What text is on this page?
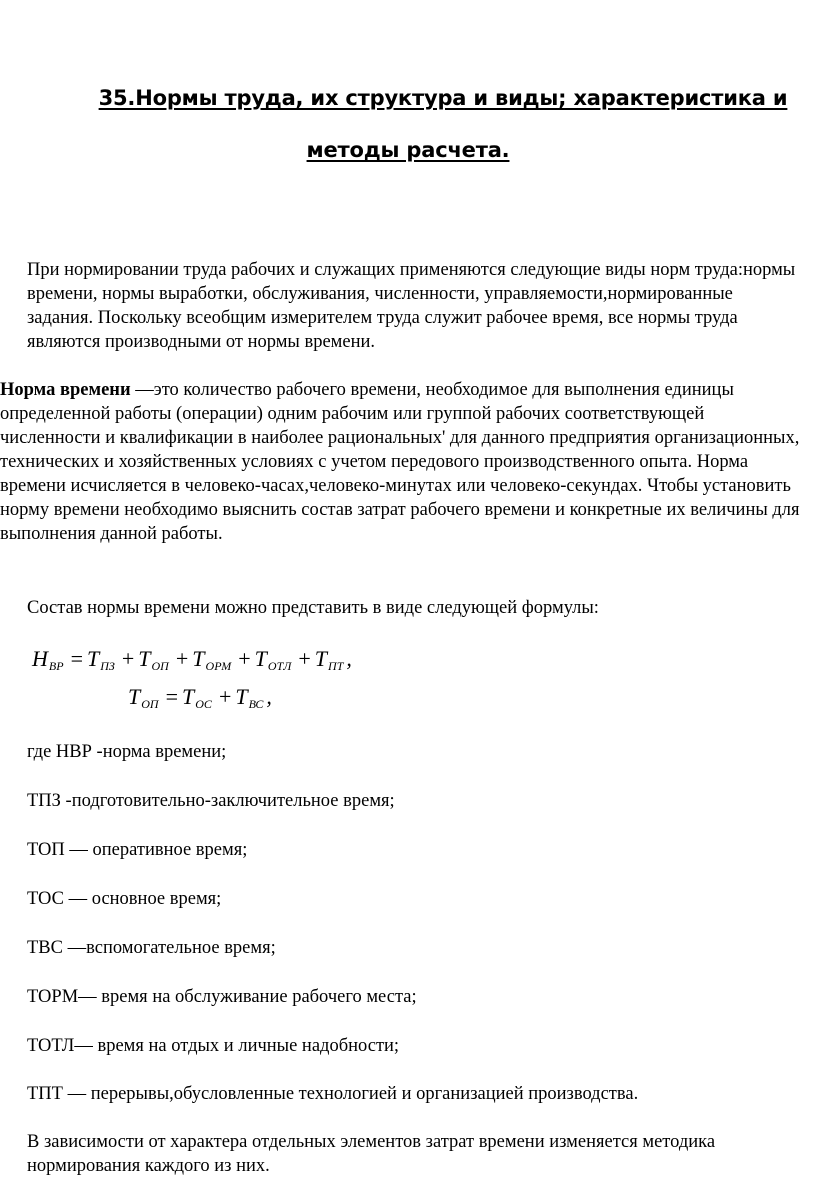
35.Нормы труда, их структура и виды; характеристика и
методы расчета.
При нормировании труда рабочих и служащих применяются следующие виды норм труда:нормы времени, нормы выработки, обслуживания, численности, управляемости,нормированные задания. Поскольку всеобщим измерителем труда служит рабочее время, все нормы труда являются производными от нормы времени.
Норма времени —это количество рабочего времени, необходимое для выполнения единицы определенной работы (операции) одним рабочим или группой рабочих соответствующей численности и квалификации в наиболее рациональных' для данного предприятия организационных, технических и хозяйственных условиях с учетом передового производственного опыта. Норма времени исчисляется в человеко-часах,человеко-минутах или человеко-секундах. Чтобы установить норму времени необходимо выяснить состав затрат рабочего времени и конкретные их величины для выполнения данной работы.
Состав нормы времени можно представить в виде следующей формулы:
$Н_{ВР} = Т_{ПЗ} + Т_{ОП} + Т_{ОРМ} + Т_{ОТЛ} + Т_{ПТ}$ ,
$Т_{ОП} = Т_{ОС} + Т_{ВС}$ ,
где НВР -норма времени;
ТПЗ -подготовительно-заключительное время;
ТОП — оперативное время;
ТОС — основное время;
ТВС —вспомогательное время;
ТОРМ— время на обслуживание рабочего места;
ТОТЛ— время на отдых и личные надобности;
ТПТ — перерывы,обусловленные технологией и организацией производства.
В зависимости от характера отдельных элементов затрат времени изменяется методика нормирования каждого из них.
